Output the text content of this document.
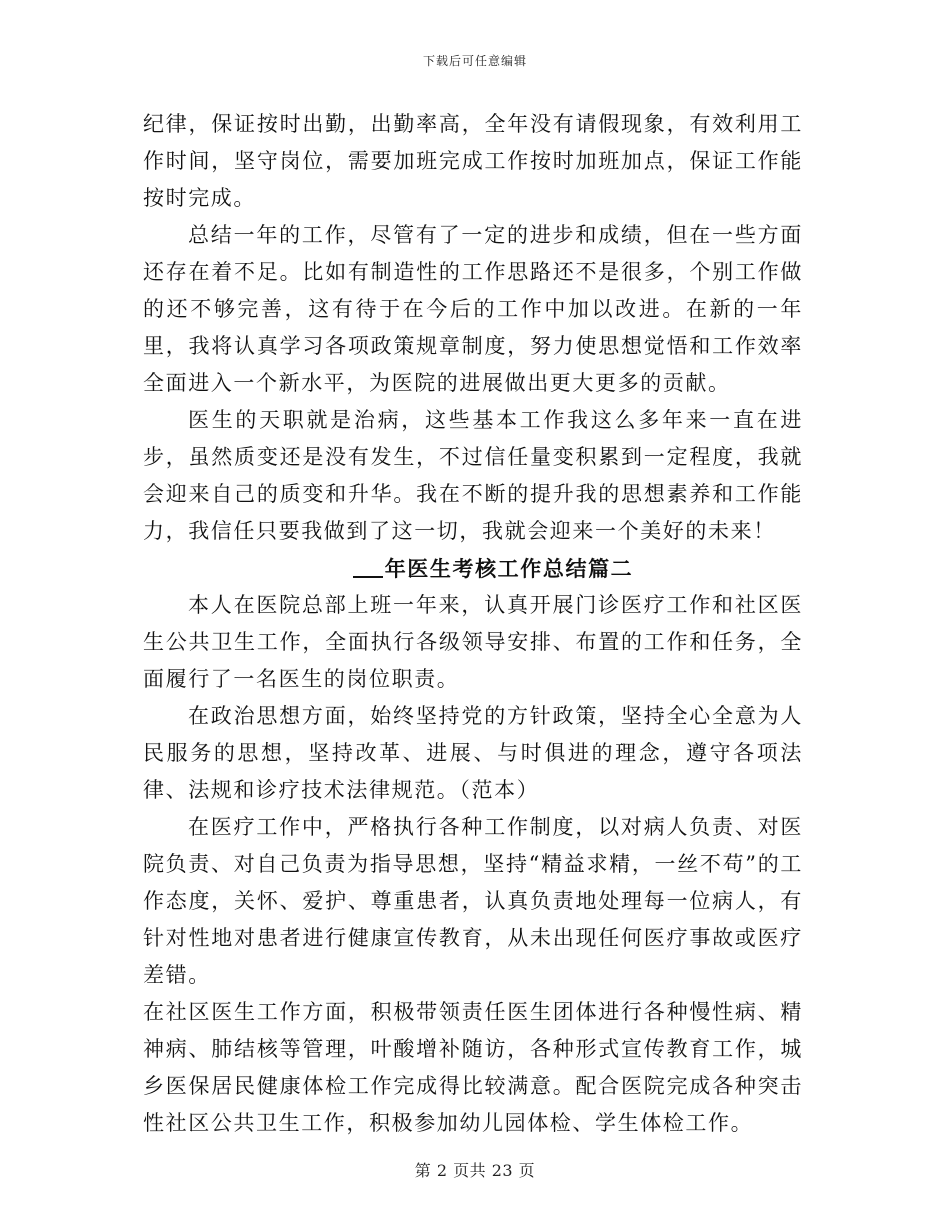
下载后可任意编辑

纪律，保证按时出勤，出勤率高，全年没有请假现象，有效利用工作时间，坚守岗位，需要加班完成工作按时加班加点，保证工作能按时完成。

总结一年的工作，尽管有了一定的进步和成绩，但在一些方面还存在着不足。比如有制造性的工作思路还不是很多，个别工作做的还不够完善，这有待于在今后的工作中加以改进。在新的一年里，我将认真学习各项政策规章制度，努力使思想觉悟和工作效率全面进入一个新水平，为医院的进展做出更大更多的贡献。

医生的天职就是治病，这些基本工作我这么多年来一直在进步，虽然质变还是没有发生，不过信任量变积累到一定程度，我就会迎来自己的质变和升华。我在不断的提升我的思想素养和工作能力，我信任只要我做到了这一切，我就会迎来一个美好的未来！

年医生考核工作总结篇二

本人在医院总部上班一年来，认真开展门诊医疗工作和社区医生公共卫生工作，全面执行各级领导安排、布置的工作和任务，全面履行了一名医生的岗位职责。

在政治思想方面，始终坚持党的方针政策，坚持全心全意为人民服务的思想，坚持改革、进展、与时俱进的理念，遵守各项法律、法规和诊疗技术法律规范。（范本）

在医疗工作中，严格执行各种工作制度，以对病人负责、对医院负责、对自己负责为指导思想，坚持“精益求精，一丝不苟”的工作态度，关怀、爱护、尊重患者，认真负责地处理每一位病人，有针对性地对患者进行健康宣传教育，从未出现任何医疗事故或医疗差错。

在社区医生工作方面，积极带领责任医生团体进行各种慢性病、精神病、肺结核等管理，叶酸增补随访，各种形式宣传教育工作，城乡医保居民健康体检工作完成得比较满意。配合医院完成各种突击性社区公共卫生工作，积极参加幼儿园体检、学生体检工作。

第 2 页共 23 页
